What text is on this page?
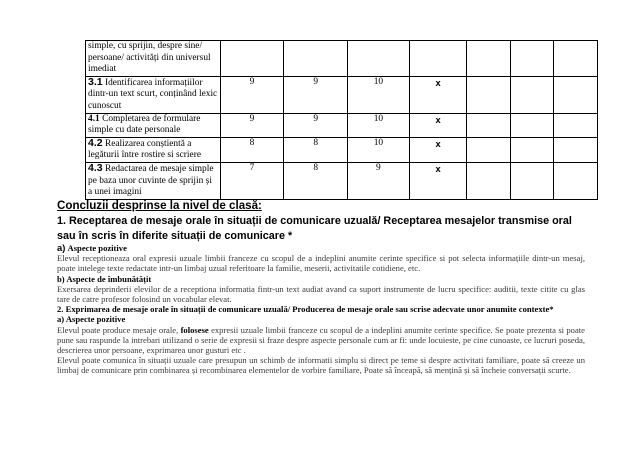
simple, cu sprijin, despre sine/ persoane/ activități din universul imediat							
3.1 Identificarea informațiilor dintr-un text scurt, conținând lexic cunoscut	9	9	10	x			
4.1 Completarea de formulare simple cu date personale	9	9	10	x			
4.2 Realizarea conștientă a legăturii între rostire si scriere	8	8	10	x			
4.3 Redactarea de mesaje simple pe baza unor cuvinte de sprijin și a unei imagini	7	8	9	x			
Concluzii desprinse la nivel de clasă:
1. Receptarea de mesaje orale în situații de comunicare uzuală/ Receptarea mesajelor transmise oral sau în scris în diferite situații de comunicare *

a) Aspecte pozitive

Elevul receptioneaza oral expresii uzuale limbii franceze cu scopul de a indeplini anumite cerinte specifice si pot selecta informațiile dintr-un mesaj, poate intelege texte redactate intr-un limbaj uzual referitoare la familie, meserii, activitatile cotidiene, etc.

b) Aspecte de îmbunătățit

Exersarea deprinderii elevilor de a receptiona informatia fintr-un text audiat avand ca suport instrumente de lucru specifice: auditii, texte citite cu glas tare de catre profesor folosind un vocabular elevat.

2. Exprimarea de mesaje orale în situații de comunicare uzuală/ Producerea de mesaje orale sau scrise adecvate unor anumite contexte*

a) Aspecte pozitive

Elevul poate produce mesaje orale, folosese expresii uzuale limbii franceze cu scopul de a indeplini anumite cerinte specifice. Se poate prezenta si poate pune sau raspunde la intrebari utilizand o serie de expresii si fraze despre aspecte personale cum ar fi: unde locuieste, pe cine cunoaste, ce lucruri poseda, descrierea unor persoane, exprimarea unor gusturi etc .

Elevul poate comunica în situații uzuale care presupun un schimb de informatii simplu si direct pe teme si despre activitati familiare, poate să creeze un limbaj de comunicare prin combinarea și recombinarea elementelor de vorbire familiare, Poate să înceapă, să mențină și să încheie conversații scurte.
